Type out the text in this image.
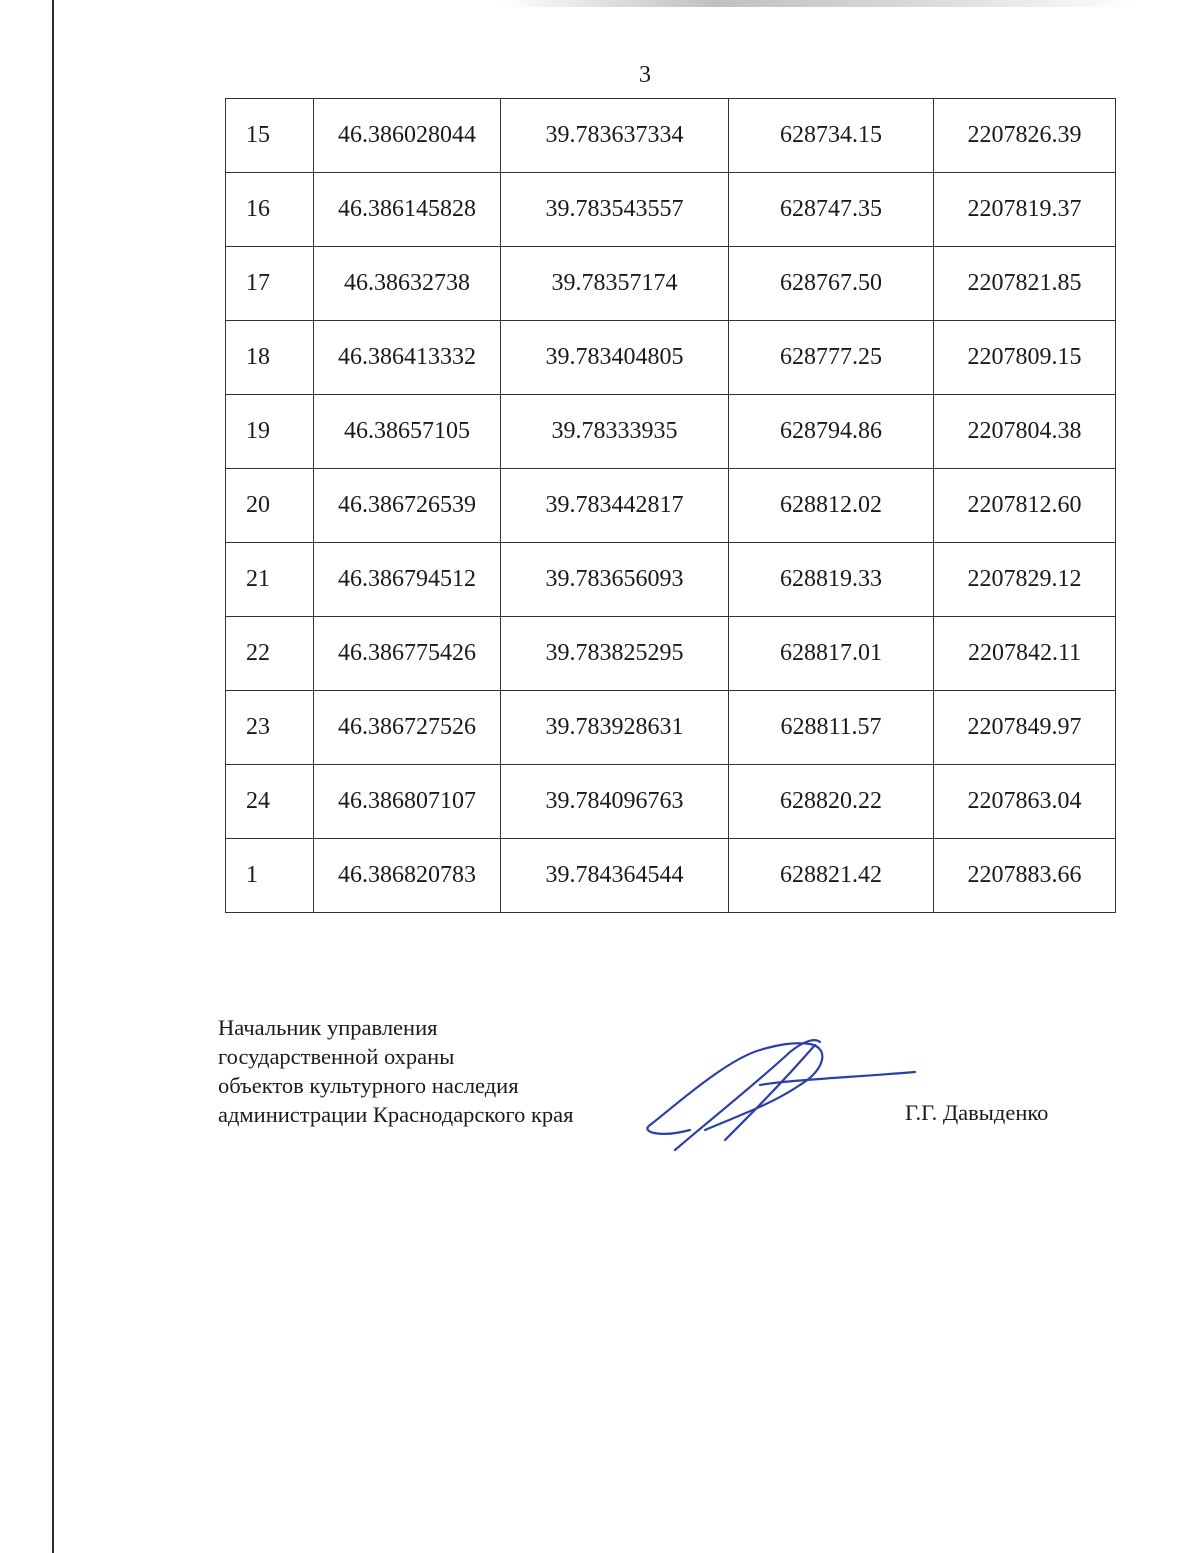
3
15	46.386028044	39.783637334	628734.15	2207826.39
16	46.386145828	39.783543557	628747.35	2207819.37
17	46.38632738	39.78357174	628767.50	2207821.85
18	46.386413332	39.783404805	628777.25	2207809.15
19	46.38657105	39.78333935	628794.86	2207804.38
20	46.386726539	39.783442817	628812.02	2207812.60
21	46.386794512	39.783656093	628819.33	2207829.12
22	46.386775426	39.783825295	628817.01	2207842.11
23	46.386727526	39.783928631	628811.57	2207849.97
24	46.386807107	39.784096763	628820.22	2207863.04
1	46.386820783	39.784364544	628821.42	2207883.66
Начальник управления
государственной охраны
объектов культурного наследия
администрации Краснодарского края	Г.Г. Давыденко
